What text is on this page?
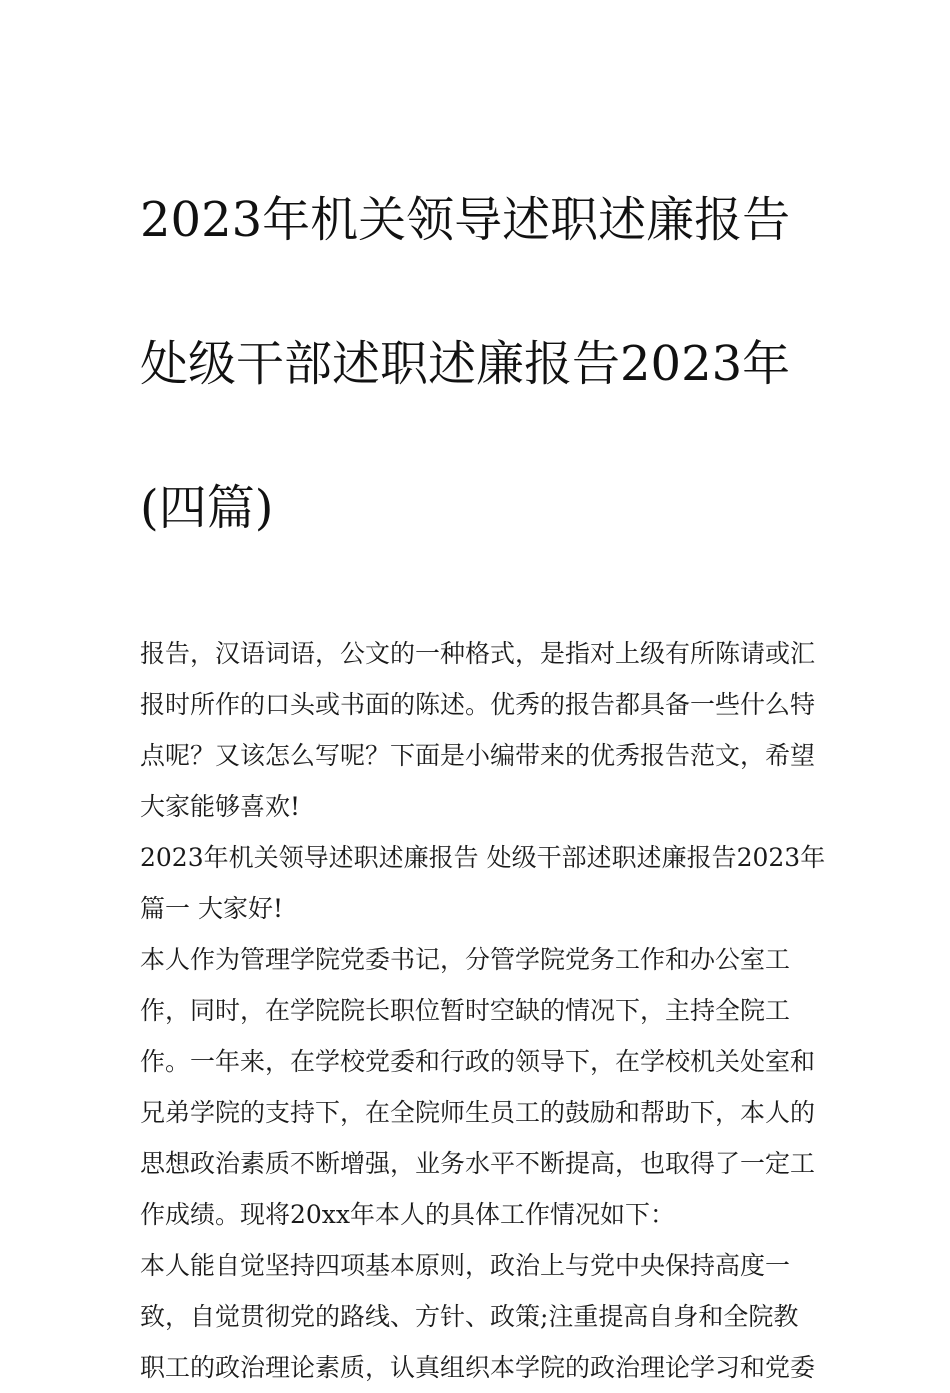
2023年机关领导述职述廉报告

处级干部述职述廉报告2023年

(四篇)

报告，汉语词语，公文的一种格式，是指对上级有所陈请或汇
报时所作的口头或书面的陈述。优秀的报告都具备一些什么特
点呢？又该怎么写呢？下面是小编带来的优秀报告范文，希望
大家能够喜欢!

2023年机关领导述职述廉报告 处级干部述职述廉报告2023年
篇一 大家好!

本人作为管理学院党委书记，分管学院党务工作和办公室工
作，同时，在学院院长职位暂时空缺的情况下，主持全院工
作。一年来，在学校党委和行政的领导下，在学校机关处室和
兄弟学院的支持下，在全院师生员工的鼓励和帮助下，本人的
思想政治素质不断增强，业务水平不断提高，也取得了一定工
作成绩。现将20xx年本人的具体工作情况如下：

本人能自觉坚持四项基本原则，政治上与党中央保持高度一
致，自觉贯彻党的路线、方针、政策;注重提高自身和全院教
职工的政治理论素质，认真组织本学院的政治理论学习和党委
